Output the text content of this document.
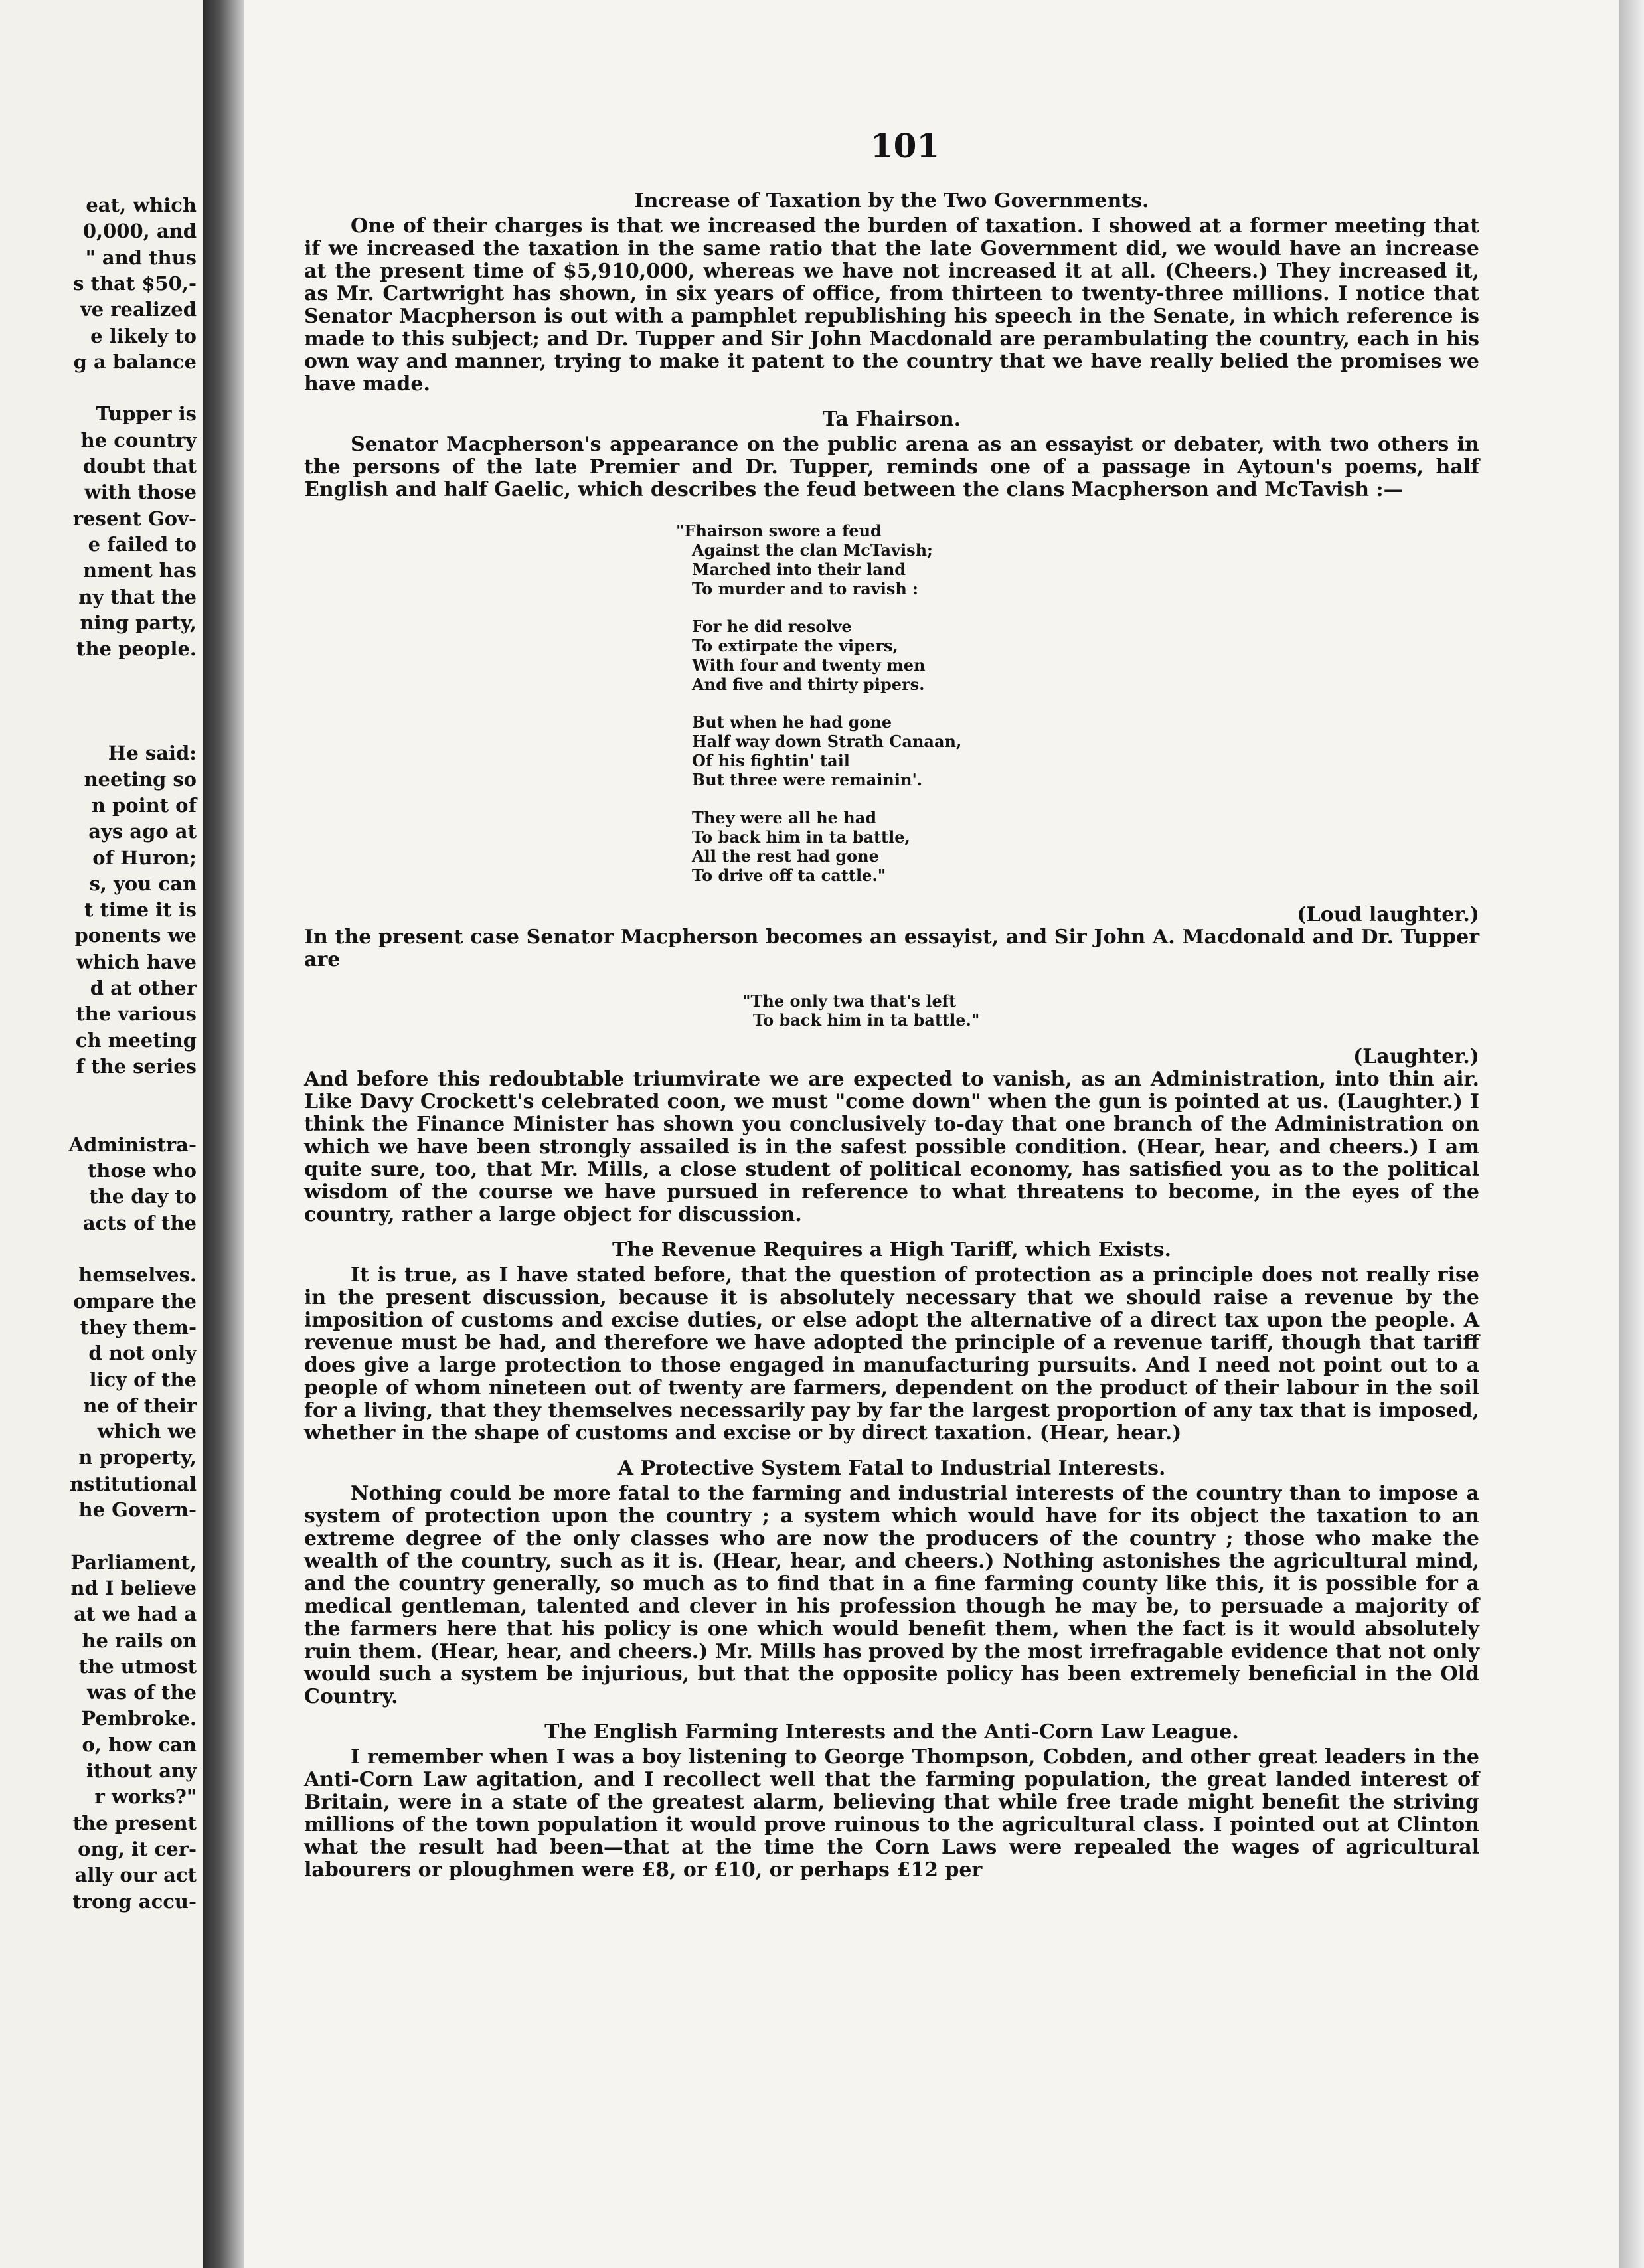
eat, which
0,000, and
" and thus
s that $50,-
ve realized
e likely to
g a balance
Tupper is
he country
doubt that
with those
resent Gov-
e failed to
nment has
ny that the
ning party,
the people.
He said:
neeting so
n point of
ays ago at
of Huron;
s, you can
t time it is
ponents we
which have
d at other
the various
ch meeting
f the series
Administra-
those who
the day to
acts of the
hemselves.
ompare the
they them-
d not only
licy of the
ne of their
which we
n property,
nstitutional
he Govern-
Parliament,
nd I believe
at we had a
he rails on
the utmost
was of the
Pembroke.
o, how can
ithout any
r works?"
the present
ong, it cer-
ally our act
trong accu-
101
Increase of Taxation by the Two Governments.

One of their charges is that we increased the burden of taxation. I showed at a former meeting that if we increased the taxation in the same ratio that the late Government did, we would have an increase at the present time of $5,910,000, whereas we have not increased it at all. (Cheers.) They increased it, as Mr. Cartwright has shown, in six years of office, from thirteen to twenty-three millions. I notice that Senator Macpherson is out with a pamphlet republishing his speech in the Senate, in which reference is made to this subject; and Dr. Tupper and Sir John Macdonald are perambulating the country, each in his own way and manner, trying to make it patent to the country that we have really belied the promises we have made.

Ta Fhairson.

Senator Macpherson's appearance on the public arena as an essayist or debater, with two others in the persons of the late Premier and Dr. Tupper, reminds one of a passage in Aytoun's poems, half English and half Gaelic, which describes the feud between the clans Macpherson and McTavish :—

"Fhairson swore a feud
Against the clan McTavish;
Marched into their land
To murder and to ravish :
For he did resolve
To extirpate the vipers,
With four and twenty men
And five and thirty pipers.
But when he had gone
Half way down Strath Canaan,
Of his fightin' tail
But three were remainin'.
They were all he had
To back him in ta battle,
All the rest had gone
To drive off ta cattle."
(Loud laughter.)

In the present case Senator Macpherson becomes an essayist, and Sir John A. Macdonald and Dr. Tupper are

"The only twa that's left
To back him in ta battle."
(Laughter.)

And before this redoubtable triumvirate we are expected to vanish, as an Administration, into thin air. Like Davy Crockett's celebrated coon, we must "come down" when the gun is pointed at us. (Laughter.) I think the Finance Minister has shown you conclusively to-day that one branch of the Administration on which we have been strongly assailed is in the safest possible condition. (Hear, hear, and cheers.) I am quite sure, too, that Mr. Mills, a close student of political economy, has satisfied you as to the political wisdom of the course we have pursued in reference to what threatens to become, in the eyes of the country, rather a large object for discussion.

The Revenue Requires a High Tariff, which Exists.

It is true, as I have stated before, that the question of protection as a principle does not really rise in the present discussion, because it is absolutely necessary that we should raise a revenue by the imposition of customs and excise duties, or else adopt the alternative of a direct tax upon the people. A revenue must be had, and therefore we have adopted the principle of a revenue tariff, though that tariff does give a large protection to those engaged in manufacturing pursuits. And I need not point out to a people of whom nineteen out of twenty are farmers, dependent on the product of their labour in the soil for a living, that they themselves necessarily pay by far the largest proportion of any tax that is imposed, whether in the shape of customs and excise or by direct taxation. (Hear, hear.)

A Protective System Fatal to Industrial Interests.

Nothing could be more fatal to the farming and industrial interests of the country than to impose a system of protection upon the country ; a system which would have for its object the taxation to an extreme degree of the only classes who are now the producers of the country ; those who make the wealth of the country, such as it is. (Hear, hear, and cheers.) Nothing astonishes the agricultural mind, and the country generally, so much as to find that in a fine farming county like this, it is possible for a medical gentleman, talented and clever in his profession though he may be, to persuade a majority of the farmers here that his policy is one which would benefit them, when the fact is it would absolutely ruin them. (Hear, hear, and cheers.) Mr. Mills has proved by the most irrefragable evidence that not only would such a system be injurious, but that the opposite policy has been extremely beneficial in the Old Country.

The English Farming Interests and the Anti-Corn Law League.

I remember when I was a boy listening to George Thompson, Cobden, and other great leaders in the Anti-Corn Law agitation, and I recollect well that the farming population, the great landed interest of Britain, were in a state of the greatest alarm, believing that while free trade might benefit the striving millions of the town population it would prove ruinous to the agricultural class. I pointed out at Clinton what the result had been—that at the time the Corn Laws were repealed the wages of agricultural labourers or ploughmen were £8, or £10, or perhaps £12 per
